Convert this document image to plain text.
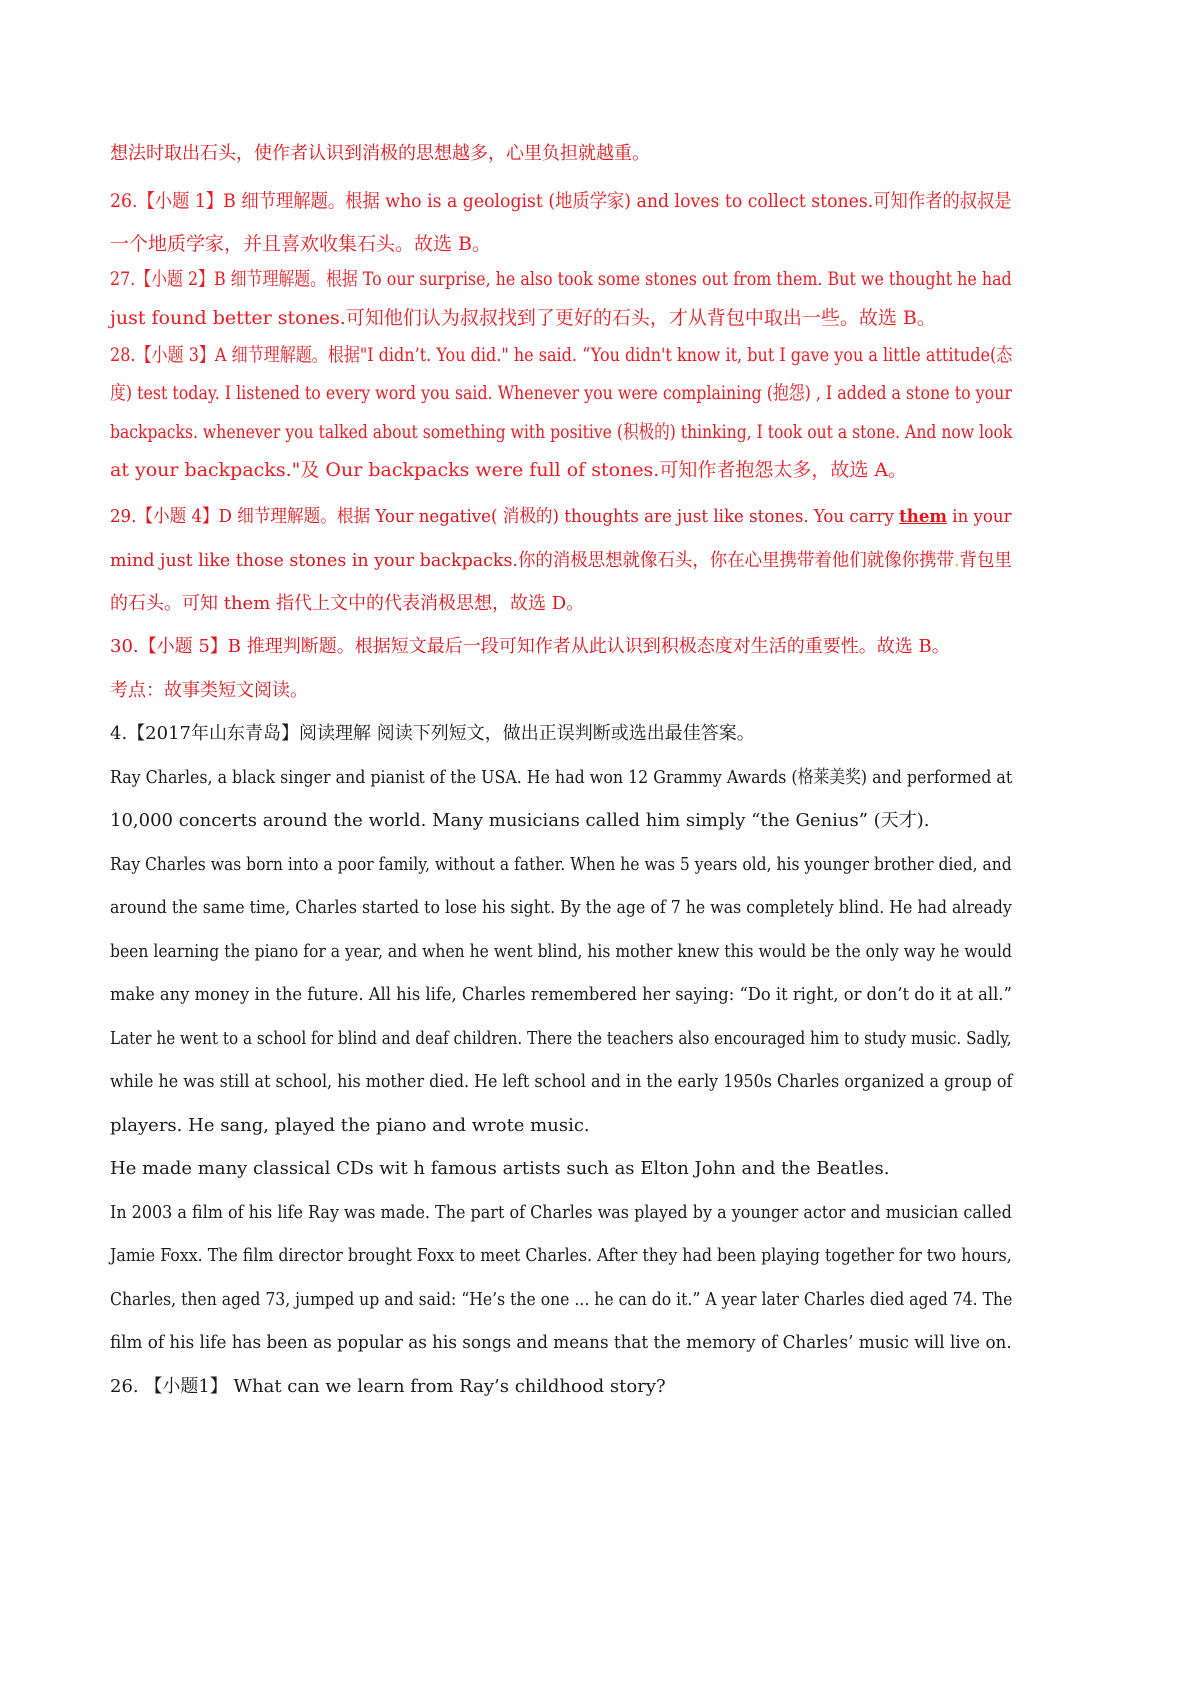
想法时取出石头，使作者认识到消极的思想越多，心里负担就越重。
26.【小题 1】B 细节理解题。根据 who is a geologist (地质学家) and loves to collect stones.可知作者的叔叔是
一个地质学家，并且喜欢收集石头。故选 B。
27.【小题 2】B 细节理解题。根据 To our surprise, he also took some stones out from them. But we thought he had
just found better stones.可知他们认为叔叔找到了更好的石头，才从背包中取出一些。故选 B。
28.【小题 3】A 细节理解题。根据"I didn’t. You did." he said. “You didn't know it, but I gave you a little attitude(态
度) test today. I listened to every word you said. Whenever you were complaining (抱怨) , I added a stone to your
backpacks. whenever you talked about something with positive (积极的) thinking, I took out a stone. And now look
at your backpacks."及 Our backpacks were full of stones.可知作者抱怨太多，故选 A。
29.【小题 4】D 细节理解题。根据 Your negative( 消极的) thoughts are just like stones. You carry them in your
mind just like those stones in your backpacks.你的消极思想就像石头，你在心里携带着他们就像你携带.背包里
的石头。可知 them 指代上文中的代表消极思想，故选 D。
30.【小题 5】B 推理判断题。根据短文最后一段可知作者从此认识到积极态度对生活的重要性。故选 B。
考点：故事类短文阅读。
4.【2017年山东青岛】阅读理解 阅读下列短文，做出正误判断或选出最佳答案。
Ray Charles, a black singer and pianist of the USA. He had won 12 Grammy Awards (格莱美奖) and performed at
10,000 concerts around the world. Many musicians called him simply “the Genius” (天才).
Ray Charles was born into a poor family, without a father. When he was 5 years old, his younger brother died, and
around the same time, Charles started to lose his sight. By the age of 7 he was completely blind. He had already
been learning the piano for a year, and when he went blind, his mother knew this would be the only way he would
make any money in the future. All his life, Charles remembered her saying: “Do it right, or don’t do it at all.”
Later he went to a school for blind and deaf children. There the teachers also encouraged him to study music. Sadly,
while he was still at school, his mother died. He left school and in the early 1950s Charles organized a group of
players. He sang, played the piano and wrote music.
He made many classical CDs wit h famous artists such as Elton John and the Beatles.
In 2003 a film of his life Ray was made. The part of Charles was played by a younger actor and musician called
Jamie Foxx. The film director brought Foxx to meet Charles. After they had been playing together for two hours,
Charles, then aged 73, jumped up and said: “He’s the one ... he can do it.” A year later Charles died aged 74. The
film of his life has been as popular as his songs and means that the memory of Charles’ music will live on.
26. 【小题1】 What can we learn from Ray’s childhood story?
